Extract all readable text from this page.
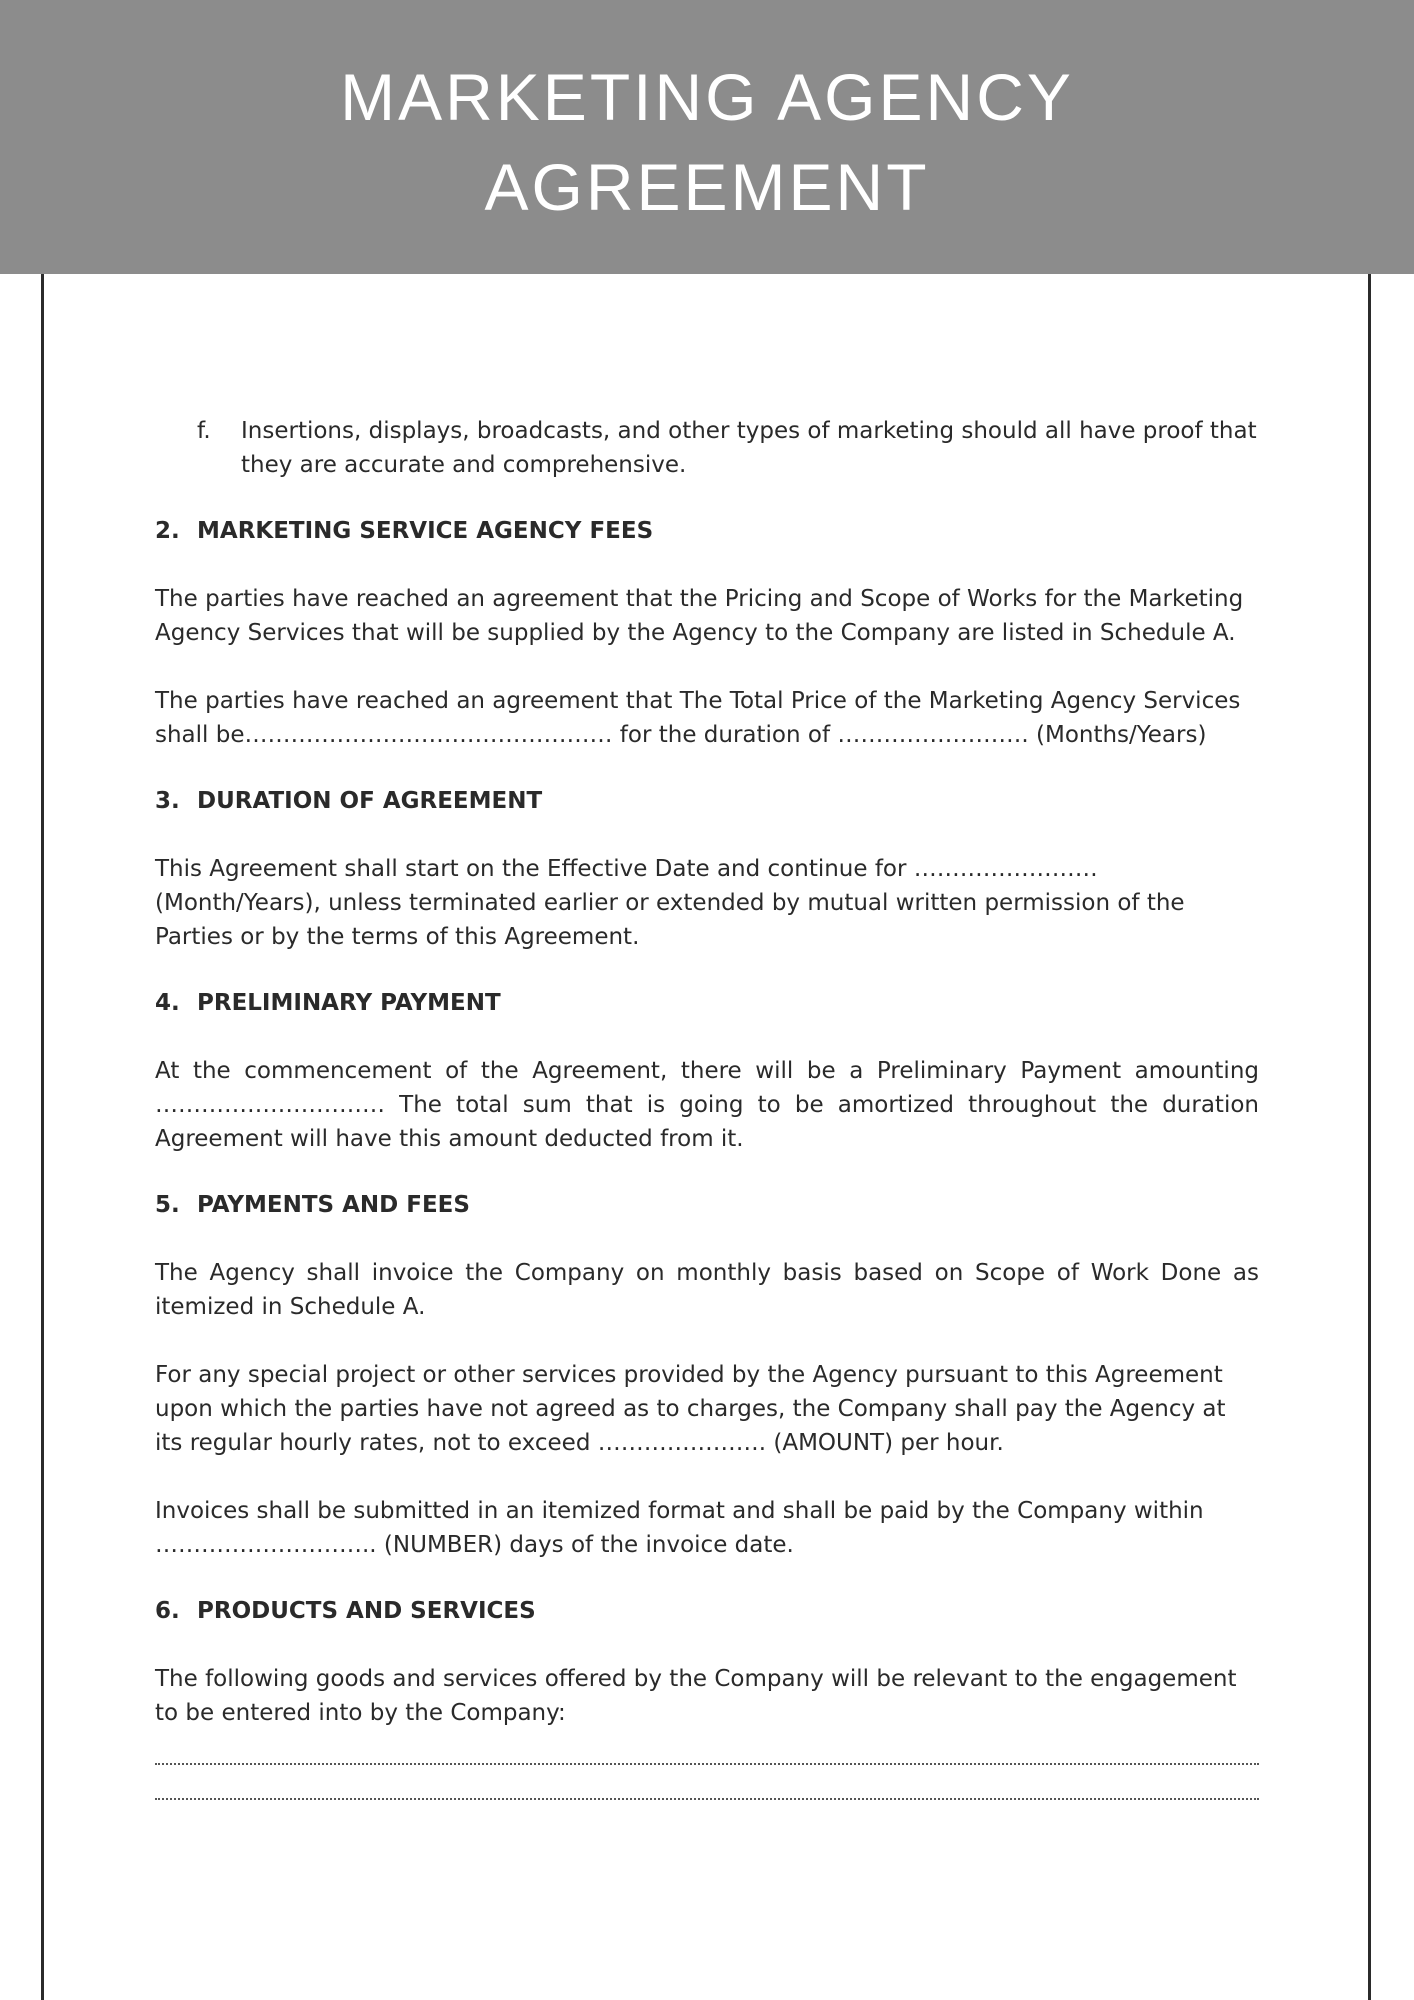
MARKETING AGENCY
AGREEMENT

f. Insertions, displays, broadcasts, and other types of marketing should all have proof that they are accurate and comprehensive.

2. MARKETING SERVICE AGENCY FEES

The parties have reached an agreement that the Pricing and Scope of Works for the Marketing Agency Services that will be supplied by the Agency to the Company are listed in Schedule A.

The parties have reached an agreement that The Total Price of the Marketing Agency Services shall be………………………………………… for the duration of ……………………. (Months/Years)

3. DURATION OF AGREEMENT

This Agreement shall start on the Effective Date and continue for …………………… (Month/Years), unless terminated earlier or extended by mutual written permission of the Parties or by the terms of this Agreement.

4. PRELIMINARY PAYMENT

At the commencement of the Agreement, there will be a Preliminary Payment amounting ………………………… The total sum that is going to be amortized throughout the duration Agreement will have this amount deducted from it.

5. PAYMENTS AND FEES

The Agency shall invoice the Company on monthly basis based on Scope of Work Done as itemized in Schedule A.

For any special project or other services provided by the Agency pursuant to this Agreement upon which the parties have not agreed as to charges, the Company shall pay the Agency at its regular hourly rates, not to exceed …………………. (AMOUNT) per hour.

Invoices shall be submitted in an itemized format and shall be paid by the Company within ……………………….. (NUMBER) days of the invoice date.

6. PRODUCTS AND SERVICES

The following goods and services offered by the Company will be relevant to the engagement to be entered into by the Company:
